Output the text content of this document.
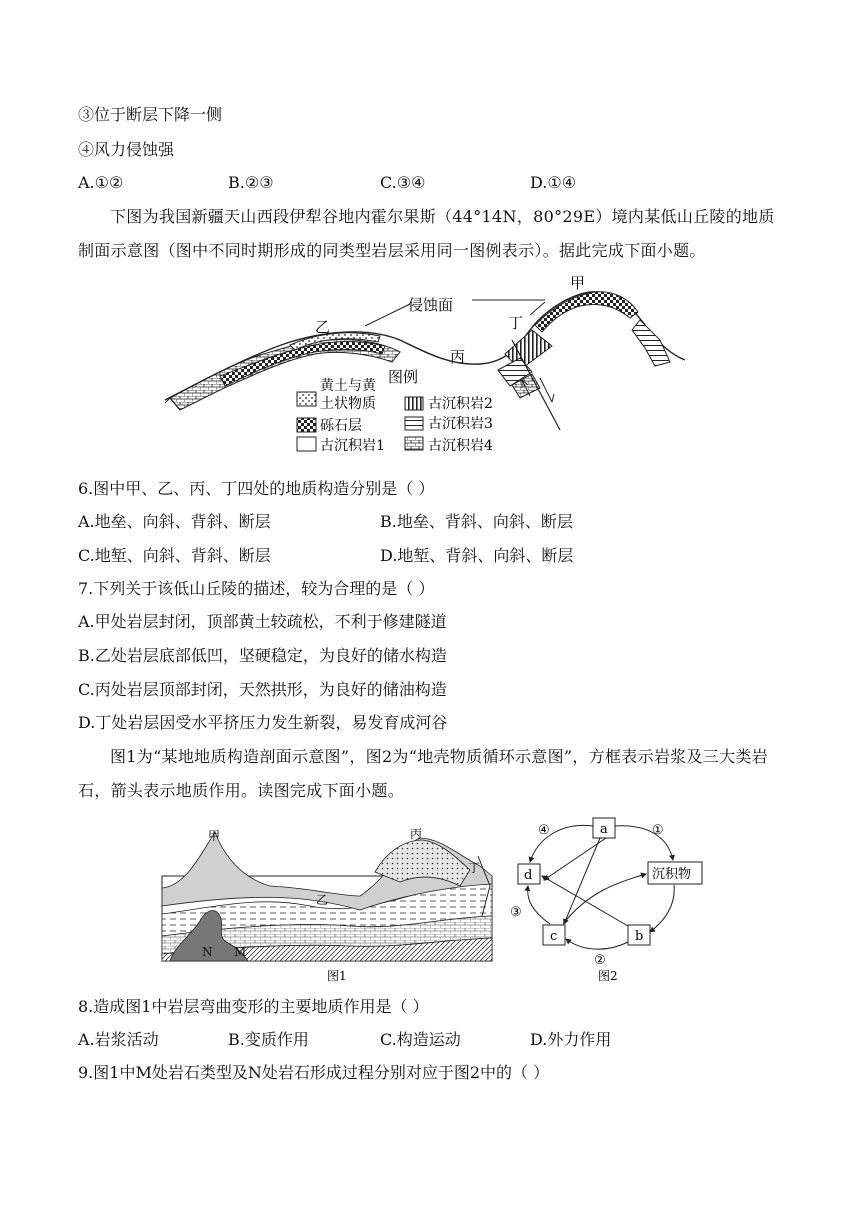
③位于断层下降一侧
④风力侵蚀强
A.①②	B.②③	C.③④	D.①④
下图为我国新疆天山西段伊犁谷地内霍尔果斯（44°14N，80°29E）境内某低山丘陵的地质制面示意图（图中不同时期形成的同类型岩层采用同一图例表示）。据此完成下面小题。
侵蚀面
甲
乙
丙
丁
图例
黄土与黄
土状物质	古沉积岩2
砾石层	古沉积岩3
古沉积岩1	古沉积岩4
6.图中甲、乙、丙、丁四处的地质构造分别是（ ）
A.地垒、向斜、背斜、断层	B.地垒、背斜、向斜、断层
C.地堑、向斜、背斜、断层	D.地堑、背斜、向斜、断层
7.下列关于该低山丘陵的描述，较为合理的是（ ）
A.甲处岩层封闭，顶部黄土较疏松，不利于修建隧道
B.乙处岩层底部低凹，坚硬稳定，为良好的储水构造
C.丙处岩层顶部封闭，天然拱形，为良好的储油构造
D.丁处岩层因受水平挤压力发生新裂，易发育成河谷
图1为“某地地质构造剖面示意图”，图2为“地壳物质循环示意图”，方框表示岩浆及三大类岩石，箭头表示地质作用。读图完成下面小题。
甲	丙
丁
乙
N M
图1
a
d	沉积物
c	b
④	①
③
②
图2
8.造成图1中岩层弯曲变形的主要地质作用是（ ）
A.岩浆活动	B.变质作用	C.构造运动	D.外力作用
9.图1中M处岩石类型及N处岩石形成过程分别对应于图2中的（ ）
